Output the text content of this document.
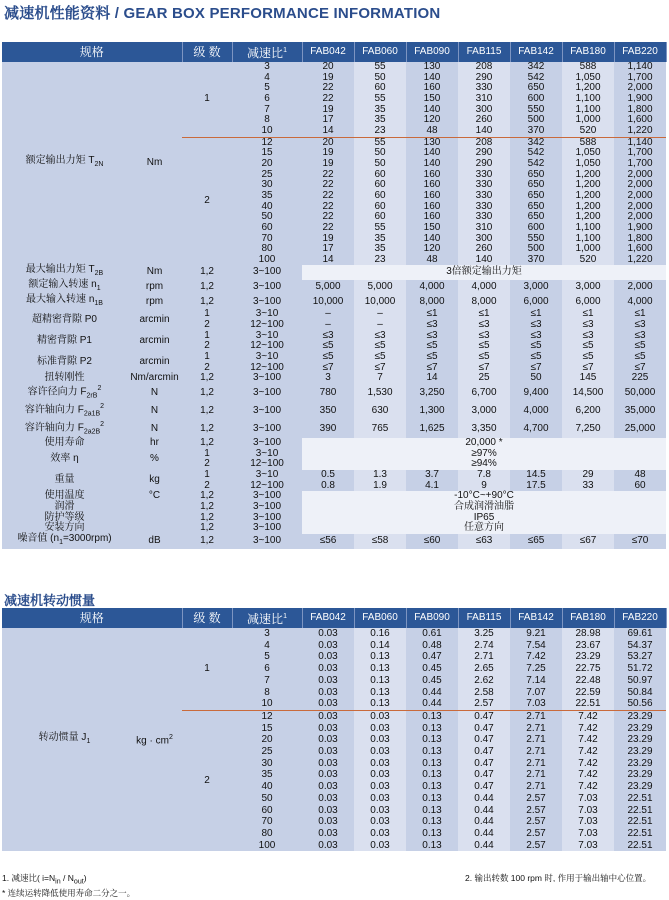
减速机性能资料 / GEAR BOX PERFORMANCE INFORMATION
规格		级 数	减速比$^1$	FAB042	FAB060	FAB090	FAB115	FAB142	FAB180	FAB220
额定输出力矩 $T_{2N}$	Nm	1	3	20	55	130	208	342	588	1,140
			4	19	50	140	290	542	1,050	1,700
			5	22	60	160	330	650	1,200	2,000
			6	22	55	150	310	600	1,100	1,900
			7	19	35	140	300	550	1,100	1,800
			8	17	35	120	260	500	1,000	1,600
			10	14	23	48	140	370	520	1,220
		2	12	20	55	130	208	342	588	1,140
			15	19	50	140	290	542	1,050	1,700
			20	19	50	140	290	542	1,050	1,700
			25	22	60	160	330	650	1,200	2,000
			30	22	60	160	330	650	1,200	2,000
			35	22	60	160	330	650	1,200	2,000
			40	22	60	160	330	650	1,200	2,000
			50	22	60	160	330	650	1,200	2,000
			60	22	55	150	310	600	1,100	1,900
			70	19	35	140	300	550	1,100	1,800
			80	17	35	120	260	500	1,000	1,600
			100	14	23	48	140	370	520	1,220
最大输出力矩 $T_{2B}$	Nm	1,2	3~100	3倍额定输出力矩						
额定输入转速 $n_1$	rpm	1,2	3~100	5,000	5,000	4,000	4,000	3,000	3,000	2,000
最大输入转速 $n_{1B}$	rpm	1,2	3~100	10,000	10,000	8,000	8,000	6,000	6,000	4,000
超精密背隙 P0	arcmin	1	3~10	–	–	≤1	≤1	≤1	≤1	≤1
		2	12~100	–	–	≤3	≤3	≤3	≤3	≤3
精密背隙 P1	arcmin	1	3~10	≤3	≤3	≤3	≤3	≤3	≤3	≤3
		2	12~100	≤5	≤5	≤5	≤5	≤5	≤5	≤5
标准背隙 P2	arcmin	1	3~10	≤5	≤5	≤5	≤5	≤5	≤5	≤5
		2	12~100	≤7	≤7	≤7	≤7	≤7	≤7	≤7
扭转刚性	Nm/arcmin	1,2	3~100	3	7	14	25	50	145	225
容许径向力 $F_{2rB}^2$	N	1,2	3~100	780	1,530	3,250	6,700	9,400	14,500	50,000
容许轴向力 $F_{2a1B}^2$	N	1,2	3~100	350	630	1,300	3,000	4,000	6,200	35,000
容许轴向力 $F_{2a2B}^2$	N	1,2	3~100	390	765	1,625	3,350	4,700	7,250	25,000
使用寿命	hr	1,2	3~100	20,000 *						
效率 η	%	1	3~10	≥97%						
		2	12~100	≥94%						
重量	kg	1	3~10	0.5	1.3	3.7	7.8	14.5	29	48
		2	12~100	0.8	1.9	4.1	9	17.5	33	60
使用温度	°C	1,2	3~100	-10°C~+90°C						
润滑		1,2	3~100	合成润滑油脂						
防护等级		1,2	3~100	IP65						
安装方向		1,2	3~100	任意方向						
噪音值 $(n_1=3000rpm)$	dB	1,2	3~100	≤56	≤58	≤60	≤63	≤65	≤67	≤70
减速机转动惯量
规格		级 数	减速比$^1$	FAB042	FAB060	FAB090	FAB115	FAB142	FAB180	FAB220
转动惯量 $J_1$	kg · $cm^2$	1	3	0.03	0.16	0.61	3.25	9.21	28.98	69.61
			4	0.03	0.14	0.48	2.74	7.54	23.67	54.37
			5	0.03	0.13	0.47	2.71	7.42	23.29	53.27
			6	0.03	0.13	0.45	2.65	7.25	22.75	51.72
			7	0.03	0.13	0.45	2.62	7.14	22.48	50.97
			8	0.03	0.13	0.44	2.58	7.07	22.59	50.84
			10	0.03	0.13	0.44	2.57	7.03	22.51	50.56
		2	12	0.03	0.03	0.13	0.47	2.71	7.42	23.29
			15	0.03	0.03	0.13	0.47	2.71	7.42	23.29
			20	0.03	0.03	0.13	0.47	2.71	7.42	23.29
			25	0.03	0.03	0.13	0.47	2.71	7.42	23.29
			30	0.03	0.03	0.13	0.47	2.71	7.42	23.29
			35	0.03	0.03	0.13	0.47	2.71	7.42	23.29
			40	0.03	0.03	0.13	0.47	2.71	7.42	23.29
			50	0.03	0.03	0.13	0.44	2.57	7.03	22.51
			60	0.03	0.03	0.13	0.44	2.57	7.03	22.51
			70	0.03	0.03	0.13	0.44	2.57	7.03	22.51
			80	0.03	0.03	0.13	0.44	2.57	7.03	22.51
			100	0.03	0.03	0.13	0.44	2.57	7.03	22.51
1. 减速比( $i=N_{in} / N_{out}$)	2. 输出转数 100 rpm 时, 作用于输出轴中心位置。
* 连续运转降低使用寿命二分之一。
